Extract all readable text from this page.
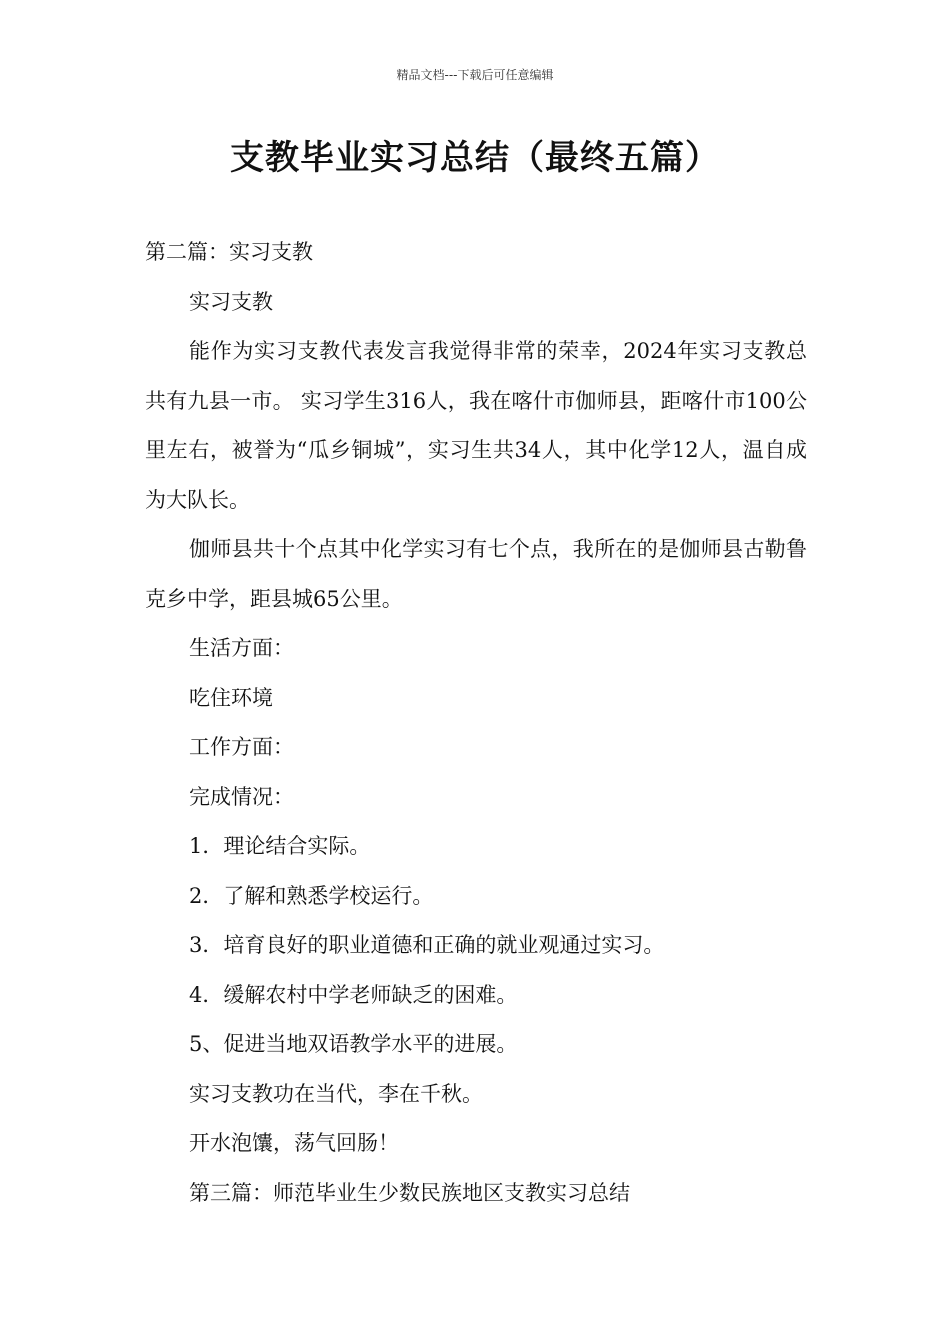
精品文档---下载后可任意编辑
支教毕业实习总结（最终五篇）

第二篇：实习支教

实习支教

能作为实习支教代表发言我觉得非常的荣幸，2024年实习支教总共有九县一市。 实习学生316人，我在喀什市伽师县，距喀什市100公里左右，被誉为“瓜乡铜城”，实习生共34人，其中化学12人，温自成为大队长。

伽师县共十个点其中化学实习有七个点，我所在的是伽师县古勒鲁克乡中学，距县城65公里。

生活方面：

吃住环境

工作方面：

完成情况：

1．理论结合实际。

2．了解和熟悉学校运行。

3．培育良好的职业道德和正确的就业观通过实习。

4．缓解农村中学老师缺乏的困难。

5、促进当地双语教学水平的进展。

实习支教功在当代，李在千秋。

开水泡馕，荡气回肠！

第三篇：师范毕业生少数民族地区支教实习总结
